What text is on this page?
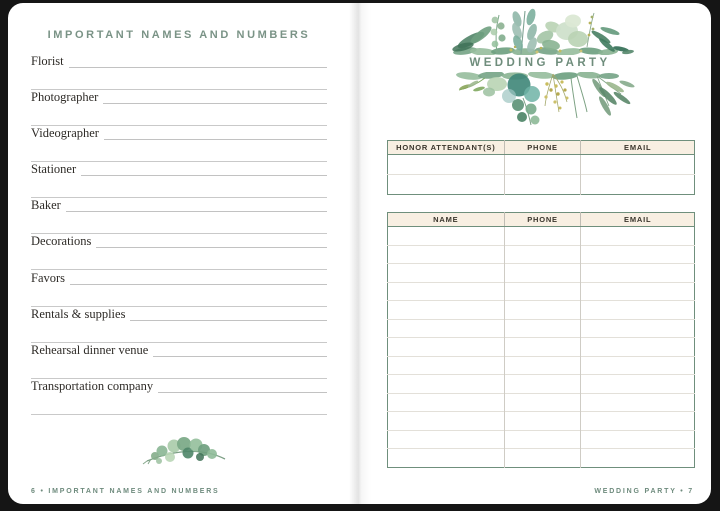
IMPORTANT NAMES AND NUMBERS
Florist
Photographer
Videographer
Stationer
Baker
Decorations
Favors
Rentals & supplies
Rehearsal dinner venue
Transportation company
6 • IMPORTANT NAMES AND NUMBERS
WEDDING PARTY
HONOR ATTENDANT(S)	PHONE	EMAIL

NAME	PHONE	EMAIL

WEDDING PARTY • 7
